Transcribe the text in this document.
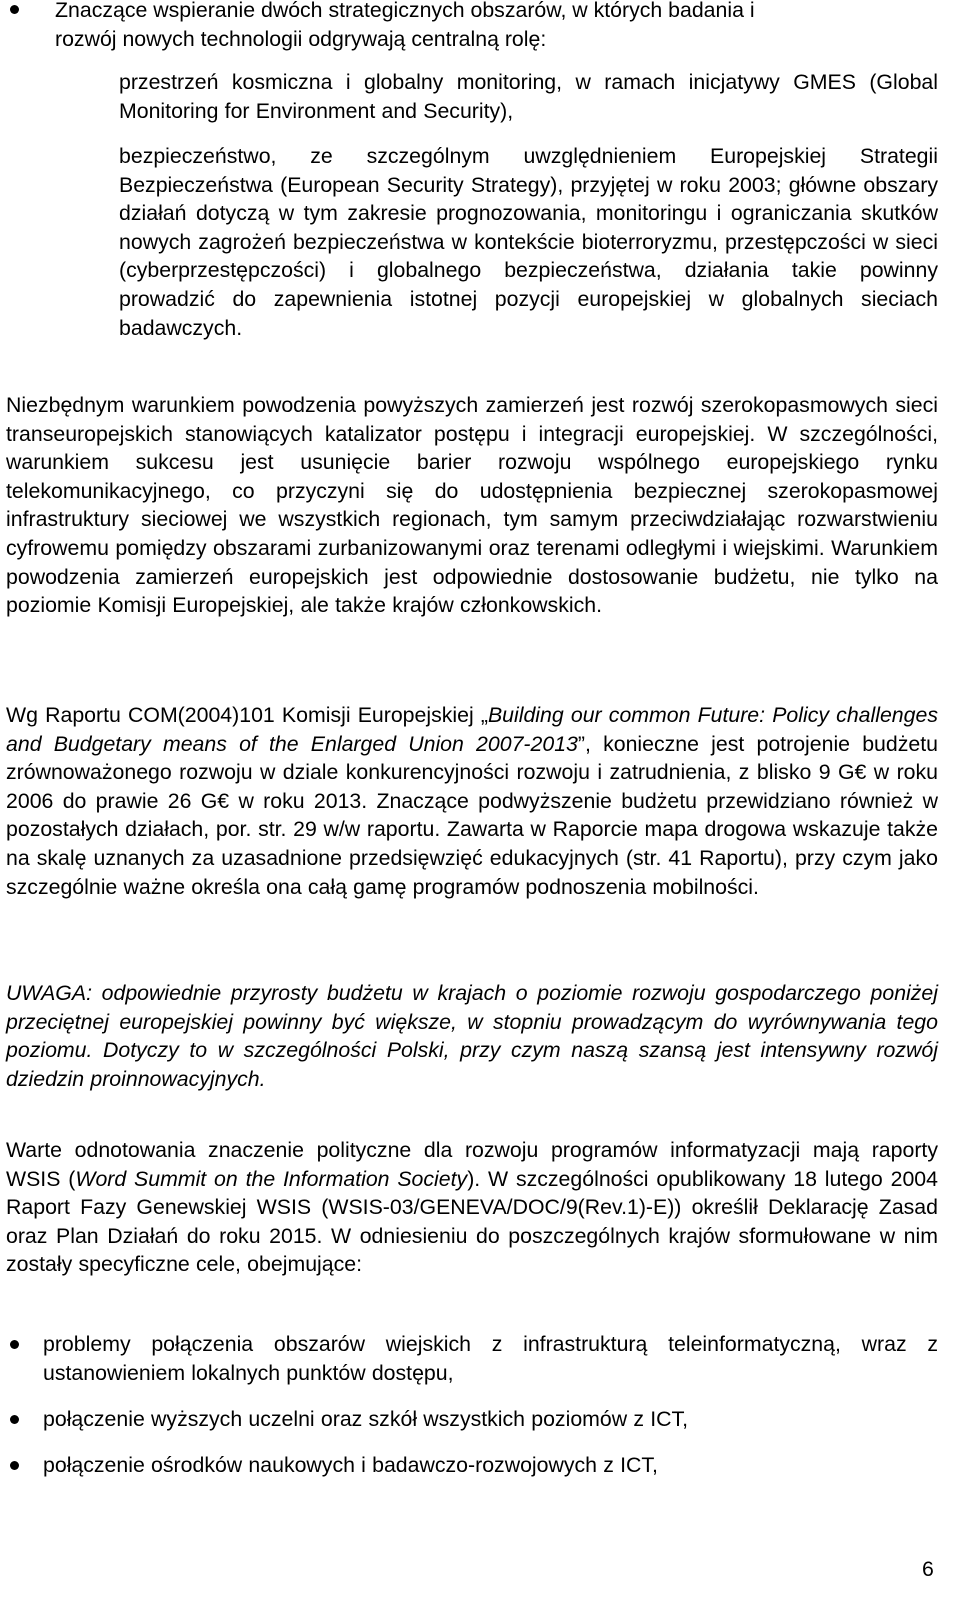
Znaczące wspieranie dwóch strategicznych obszarów, w których badania i

rozwój nowych technologii odgrywają centralną rolę:

przestrzeń kosmiczna i globalny monitoring, w ramach inicjatywy GMES (Global Monitoring for Environment and Security),

bezpieczeństwo, ze szczególnym uwzględnieniem Europejskiej Strategii Bezpieczeństwa (European Security Strategy), przyjętej w roku 2003; główne obszary działań dotyczą w tym zakresie prognozowania, monitoringu i ograniczania skutków nowych zagrożeń bezpieczeństwa w kontekście bioterroryzmu, przestępczości w sieci (cyberprzestępczości) i globalnego bezpieczeństwa, działania takie powinny prowadzić do zapewnienia istotnej pozycji europejskiej w globalnych sieciach badawczych.

Niezbędnym warunkiem powodzenia powyższych zamierzeń jest rozwój szerokopasmowych sieci transeuropejskich stanowiących katalizator postępu i integracji europejskiej. W szczególności, warunkiem sukcesu jest usunięcie barier rozwoju wspólnego europejskiego rynku telekomunikacyjnego, co przyczyni się do udostępnienia bezpiecznej szerokopasmowej infrastruktury sieciowej we wszystkich regionach, tym samym przeciwdziałając rozwarstwieniu cyfrowemu pomiędzy obszarami zurbanizowanymi oraz terenami odległymi i wiejskimi. Warunkiem powodzenia zamierzeń europejskich jest odpowiednie dostosowanie budżetu, nie tylko na poziomie Komisji Europejskiej, ale także krajów członkowskich.

Wg Raportu COM(2004)101 Komisji Europejskiej „Building our common Future: Policy challenges and Budgetary means of the Enlarged Union 2007-2013”, konieczne jest potrojenie budżetu zrównoważonego rozwoju w dziale konkurencyjności rozwoju i zatrudnienia, z blisko 9 G€ w roku 2006 do prawie 26 G€ w roku 2013. Znaczące podwyższenie budżetu przewidziano również w pozostałych działach, por. str. 29 w/w raportu. Zawarta w Raporcie mapa drogowa wskazuje także na skalę uznanych za uzasadnione przedsięwzięć edukacyjnych (str. 41 Raportu), przy czym jako szczególnie ważne określa ona całą gamę programów podnoszenia mobilności.

UWAGA: odpowiednie przyrosty budżetu w krajach o poziomie rozwoju gospodarczego poniżej przeciętnej europejskiej powinny być większe, w stopniu prowadzącym do wyrównywania tego poziomu. Dotyczy to w szczególności Polski, przy czym naszą szansą jest intensywny rozwój dziedzin proinnowacyjnych.

Warte odnotowania znaczenie polityczne dla rozwoju programów informatyzacji mają raporty WSIS (Word Summit on the Information Society). W szczególności opublikowany 18 lutego 2004 Raport Fazy Genewskiej WSIS (WSIS-03/GENEVA/DOC/9(Rev.1)-E)) określił Deklarację Zasad oraz Plan Działań do roku 2015. W odniesieniu do poszczególnych krajów sformułowane w nim zostały specyficzne cele, obejmujące:

problemy połączenia obszarów wiejskich z infrastrukturą teleinformatyczną, wraz z ustanowieniem lokalnych punktów dostępu,

połączenie wyższych uczelni oraz szkół wszystkich poziomów z ICT,

połączenie ośrodków naukowych i badawczo-rozwojowych z ICT,

6
